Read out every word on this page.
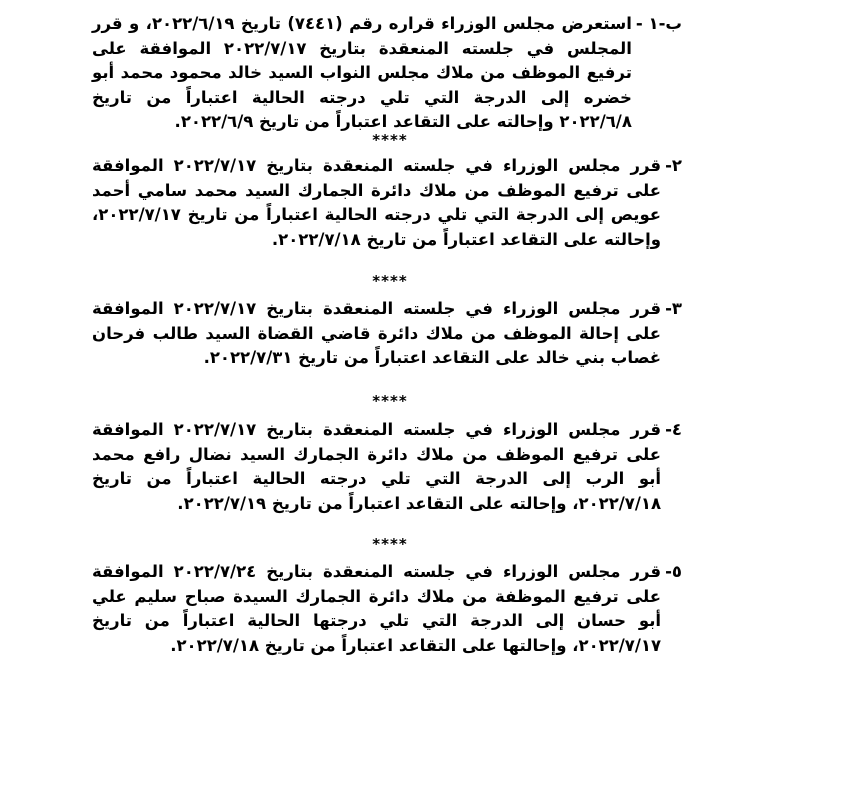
ب-١ -
استعرض مجلس الوزراء قراره رقم (٧٤٤١) تاريخ ٢٠٢٢/٦/١٩، و قرر المجلس في جلسته المنعقدة بتاريخ ٢٠٢٢/٧/١٧ الموافقة على ترفيع الموظف من ملاك مجلس النواب السيد خالد محمود محمد أبو خضره إلى الدرجة التي تلي درجته الحالية اعتباراً من تاريخ ٢٠٢٢/٦/٨ وإحالته على التقاعد اعتباراً من تاريخ ٢٠٢٢/٦/٩.
****
٢-
قرر مجلس الوزراء في جلسته المنعقدة بتاريخ ٢٠٢٢/٧/١٧ الموافقة على ترفيع الموظف من ملاك دائرة الجمارك السيد محمد سامي أحمد عويص إلى الدرجة التي تلي درجته الحالية اعتباراً من تاريخ ٢٠٢٢/٧/١٧، وإحالته على التقاعد اعتباراً من تاريخ ٢٠٢٢/٧/١٨.
****
٣-
قرر مجلس الوزراء في جلسته المنعقدة بتاريخ ٢٠٢٢/٧/١٧ الموافقة على إحالة الموظف من ملاك دائرة قاضي القضاة السيد طالب فرحان غصاب بني خالد على التقاعد اعتباراً من تاريخ ٢٠٢٢/٧/٣١.
****
٤-
قرر مجلس الوزراء في جلسته المنعقدة بتاريخ ٢٠٢٢/٧/١٧ الموافقة على ترفيع الموظف من ملاك دائرة الجمارك السيد نضال رافع محمد أبو الرب إلى الدرجة التي تلي درجته الحالية اعتباراً من تاريخ ٢٠٢٢/٧/١٨، وإحالته على التقاعد اعتباراً من تاريخ ٢٠٢٢/٧/١٩.
****
٥-
قرر مجلس الوزراء في جلسته المنعقدة بتاريخ ٢٠٢٢/٧/٢٤ الموافقة على ترفيع الموظفة من ملاك دائرة الجمارك السيدة صباح سليم علي أبو حسان إلى الدرجة التي تلي درجتها الحالية اعتباراً من تاريخ ٢٠٢٢/٧/١٧، وإحالتها على التقاعد اعتباراً من تاريخ ٢٠٢٢/٧/١٨.
